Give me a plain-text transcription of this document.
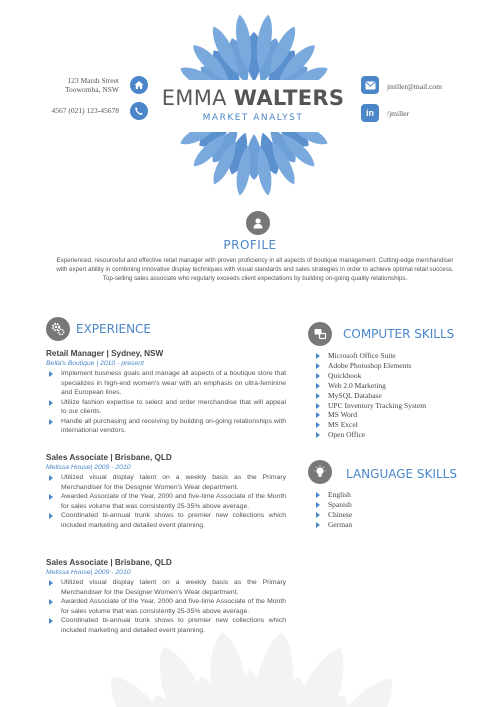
EMMA WALTERS
MARKET ANALYST
123 Marsh Street
Toowomba, NSW
4567 (021) 123-45678
jmiller@mail.com
in /jmiller
PROFILE
Experienced, resourceful and effective retail manager with proven proficiency in all aspects of boutique management. Cutting-edge merchandiser with expert ability in combining innovative display techniques with visual standards and sales strategies in order to achieve optimal retail success. Top-selling sales associate who regularly exceeds client expectations by building on-going quality relationships.
EXPERIENCE
Retail Manager | Sydney, NSW
Bella's Boutique | 2010 - present
Implement business goals and manage all aspects of a boutique store that specializes in high-end women's wear with an emphasis on ultra-feminine and European lines.
Utilize fashion expertise to select and order merchandise that will appeal to our clients.
Handle all purchasing and receiving by building on-going relationships with international vendors.
Sales Associate | Brisbane, QLD
Melissa House| 2009 - 2010
Utilized visual display talent on a weekly basis as the Primary Merchandiser for the Designer Women's Wear department.
Awarded Associate of the Year, 2000 and five-time Associate of the Month for sales volume that was consistently 25-35% above average.
Coordinated bi-annual trunk shows to premier new collections which included marketing and detailed event planning.
Sales Associate | Brisbane, QLD
Melissa House| 2009 - 2010
Utilized visual display talent on a weekly basis as the Primary Merchandiser for the Designer Women's Wear department.
Awarded Associate of the Year, 2000 and five-time Associate of the Month for sales volume that was consistently 25-35% above average.
Coordinated bi-annual trunk shows to premier new collections which included marketing and detailed event planning.
COMPUTER SKILLS
Microsoft Office Suite
Adobe Photoshop Elements
Quickbook
Web 2.0 Marketing
MySQL Database
UPC Inventory Tracking System
MS Word
MS Excel
Open Office
LANGUAGE SKILLS
English
Spanish
Chinese
German
